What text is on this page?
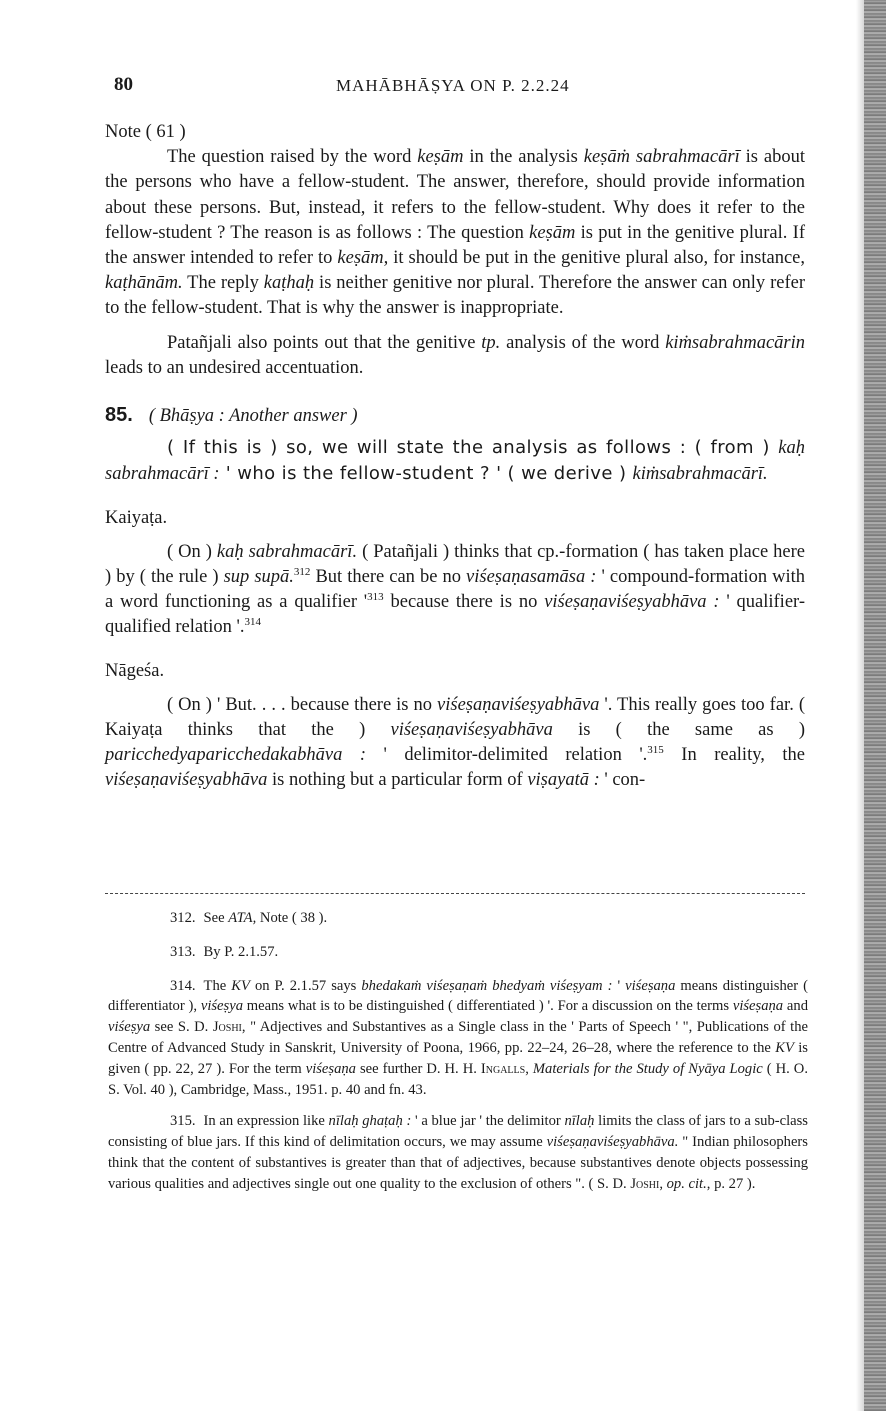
80	MAHĀBHĀṢYA ON P. 2.2.24

Note ( 61 )

The question raised by the word keṣām in the analysis keṣāṁ sabrahmacārī is about the persons who have a fellow-student. The answer, therefore, should provide information about these persons. But, instead, it refers to the fellow-student. Why does it refer to the fellow-student ? The reason is as follows : The question keṣām is put in the genitive plural. If the answer intended to refer to keṣām, it should be put in the genitive plural also, for instance, kaṭhānām. The reply kaṭhaḥ is neither genitive nor plural. Therefore the answer can only refer to the fellow-student. That is why the answer is inappropriate.

Patañjali also points out that the genitive tp. analysis of the word kiṁsabrahmacārin leads to an undesired accentuation.

85. ( Bhāṣya : Another answer )

( If this is ) so, we will state the analysis as follows : ( from ) kaḥ sabrahmacārī : ' who is the fellow-student ? ' ( we derive ) kiṁsabrahmacārī.

Kaiyaṭa.

( On ) kaḥ sabrahmacārī. ( Patañjali ) thinks that cp.-formation ( has taken place here ) by ( the rule ) sup supā.$^{312}$ But there can be no viśeṣaṇasamāsa : ' compound-formation with a word functioning as a qualifier '$^{313}$ because there is no viśeṣaṇaviśeṣyabhāva : ' qualifier-qualified relation '.$^{314}$

Nāgeśa.

( On ) ' But. . . . because there is no viśeṣaṇaviśeṣyabhāva '. This really goes too far. ( Kaiyaṭa thinks that the ) viśeṣaṇaviśeṣyabhāva is ( the same as ) paricchedyaparicchedakabhāva : ' delimitor-delimited relation '.$^{315}$ In reality, the viśeṣaṇaviśeṣyabhāva is nothing but a particular form of viṣayatā : ' con-

312. See ATA, Note ( 38 ).

313. By P. 2.1.57.

314. The KV on P. 2.1.57 says bhedakaṁ viśeṣaṇaṁ bhedyaṁ viśeṣyam : ' viśeṣaṇa means distinguisher ( differentiator ), viśeṣya means what is to be distinguished ( differentiated ) '. For a discussion on the terms viśeṣaṇa and viśeṣya see S. D. Joshi, " Adjectives and Substantives as a Single class in the ' Parts of Speech ' ", Publications of the Centre of Advanced Study in Sanskrit, University of Poona, 1966, pp. 22–24, 26–28, where the reference to the KV is given ( pp. 22, 27 ). For the term viśeṣaṇa see further D. H. H. Ingalls, Materials for the Study of Nyāya Logic ( H. O. S. Vol. 40 ), Cambridge, Mass., 1951. p. 40 and fn. 43.

315. In an expression like nīlaḥ ghaṭaḥ : ' a blue jar ' the delimitor nīlaḥ limits the class of jars to a sub-class consisting of blue jars. If this kind of delimitation occurs, we may assume viśeṣaṇaviśeṣyabhāva. " Indian philosophers think that the content of substantives is greater than that of adjectives, because substantives denote objects possessing various qualities and adjectives single out one quality to the exclusion of others ". ( S. D. Joshi, op. cit., p. 27 ).
